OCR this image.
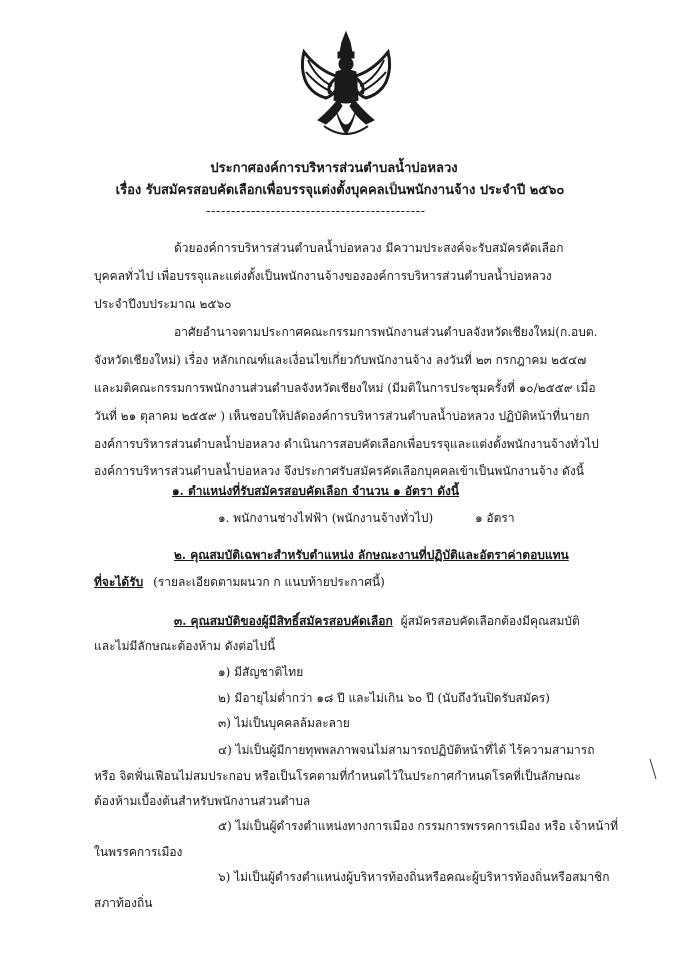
ประกาศองค์การบริหารส่วนตำบลน้ำบ่อหลวง
เรื่อง รับสมัครสอบคัดเลือกเพื่อบรรจุแต่งตั้งบุคคลเป็นพนักงานจ้าง ประจำปี ๒๕๖๐
--------------------------------------------
ด้วยองค์การบริหารส่วนตำบลน้ำบ่อหลวง มีความประสงค์จะรับสมัครคัดเลือก
บุคคลทั่วไป เพื่อบรรจุและแต่งตั้งเป็นพนักงานจ้างขององค์การบริหารส่วนตำบลน้ำบ่อหลวง
ประจำปีงบประมาณ ๒๕๖๐
อาศัยอำนาจตามประกาศคณะกรรมการพนักงานส่วนตำบลจังหวัดเชียงใหม่(ก.อบต.
จังหวัดเชียงใหม่) เรื่อง หลักเกณฑ์และเงื่อนไขเกี่ยวกับพนักงานจ้าง ลงวันที่ ๒๓ กรกฎาคม ๒๕๔๗
และมติคณะกรรมการพนักงานส่วนตำบลจังหวัดเชียงใหม่ (มีมติในการประชุมครั้งที่ ๑๐/๒๕๕๙ เมื่อ
วันที่ ๒๑ ตุลาคม ๒๕๕๙ ) เห็นชอบให้ปลัดองค์การบริหารส่วนตำบลน้ำบ่อหลวง ปฏิบัติหน้าที่นายก
องค์การบริหารส่วนตำบลน้ำบ่อหลวง ดำเนินการสอบคัดเลือกเพื่อบรรจุและแต่งตั้งพนักงานจ้างทั่วไป
องค์การบริหารส่วนตำบลน้ำบ่อหลวง จึงประกาศรับสมัครคัดเลือกบุคคลเข้าเป็นพนักงานจ้าง ดังนี้
๑. ตำแหน่งที่รับสมัครสอบคัดเลือก จำนวน ๑ อัตรา ดังนี้
๑. พนักงานช่างไฟฟ้า (พนักงานจ้างทั่วไป)	๑ อัตรา
๒. คุณสมบัติเฉพาะสำหรับตำแหน่ง ลักษณะงานที่ปฏิบัติและอัตราค่าตอบแทน
ที่จะได้รับ (รายละเอียดตามผนวก ก แนบท้ายประกาศนี้)
๓. คุณสมบัติของผู้มีสิทธิ์สมัครสอบคัดเลือก ผู้สมัครสอบคัดเลือกต้องมีคุณสมบัติ
และไม่มีลักษณะต้องห้าม ดังต่อไปนี้
๑) มีสัญชาติไทย
๒) มีอายุไม่ต่ำกว่า ๑๘ ปี และไม่เกิน ๖๐ ปี (นับถึงวันปิดรับสมัคร)
๓) ไม่เป็นบุคคลล้มละลาย
๔) ไม่เป็นผู้มีกายทุพพลภาพจนไม่สามารถปฏิบัติหน้าที่ได้ ไร้ความสามารถ
หรือ จิตฟั่นเฟือนไม่สมประกอบ หรือเป็นโรคตามที่กำหนดไว้ในประกาศกำหนดโรคที่เป็นลักษณะ
ต้องห้ามเบื้องต้นสำหรับพนักงานส่วนตำบล
๕) ไม่เป็นผู้ดำรงตำแหน่งทางการเมือง กรรมการพรรคการเมือง หรือ เจ้าหน้าที่
ในพรรคการเมือง
๖) ไม่เป็นผู้ดำรงตำแหน่งผู้บริหารท้องถิ่นหรือคณะผู้บริหารท้องถิ่นหรือสมาชิก
สภาท้องถิ่น
